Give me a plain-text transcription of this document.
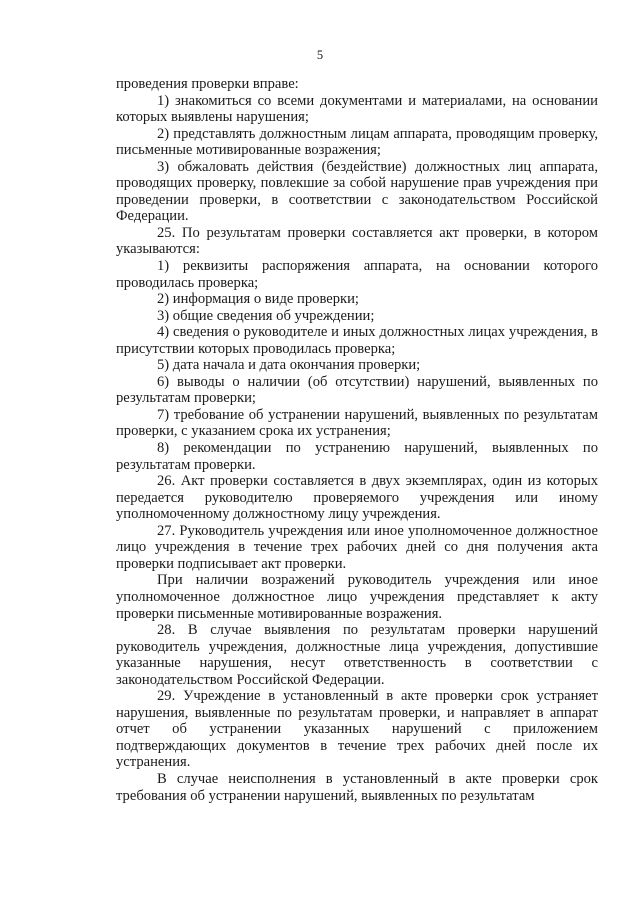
5

проведения проверки вправе:

1) знакомиться со всеми документами и материалами, на основании которых выявлены нарушения;

2) представлять должностным лицам аппарата, проводящим проверку, письменные мотивированные возражения;

3) обжаловать действия (бездействие) должностных лиц аппарата, проводящих проверку, повлекшие за собой нарушение прав учреждения при проведении проверки, в соответствии с законодательством Российской Федерации.

25. По результатам проверки составляется акт проверки, в котором указываются:

1) реквизиты распоряжения аппарата, на основании которого проводилась проверка;

2) информация о виде проверки;

3) общие сведения об учреждении;

4) сведения о руководителе и иных должностных лицах учреждения, в присутствии которых проводилась проверка;

5) дата начала и дата окончания проверки;

6) выводы о наличии (об отсутствии) нарушений, выявленных по результатам проверки;

7) требование об устранении нарушений, выявленных по результатам проверки, с указанием срока их устранения;

8) рекомендации по устранению нарушений, выявленных по результатам проверки.

26. Акт проверки составляется в двух экземплярах, один из которых передается руководителю проверяемого учреждения или иному уполномоченному должностному лицу учреждения.

27. Руководитель учреждения или иное уполномоченное должностное лицо учреждения в течение трех рабочих дней со дня получения акта проверки подписывает акт проверки.

При наличии возражений руководитель учреждения или иное уполномоченное должностное лицо учреждения представляет к акту проверки письменные мотивированные возражения.

28. В случае выявления по результатам проверки нарушений руководитель учреждения, должностные лица учреждения, допустившие указанные нарушения, несут ответственность в соответствии с законодательством Российской Федерации.

29. Учреждение в установленный в акте проверки срок устраняет нарушения, выявленные по результатам проверки, и направляет в аппарат отчет об устранении указанных нарушений с приложением подтверждающих документов в течение трех рабочих дней после их устранения.

В случае неисполнения в установленный в акте проверки срок требования об устранении нарушений, выявленных по результатам
